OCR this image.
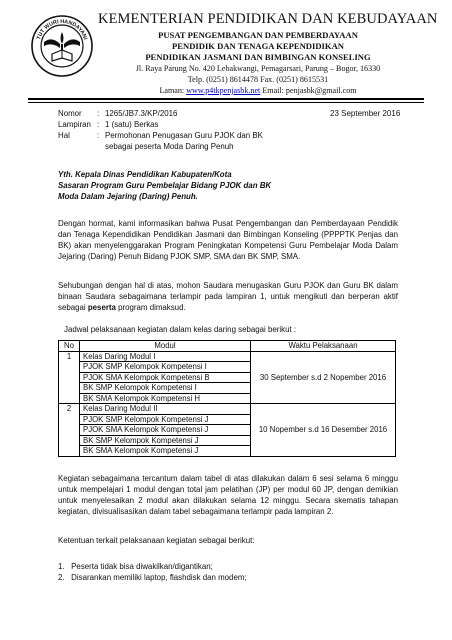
TUT WURI HANDAYANI
KEMENTERIAN PENDIDIKAN DAN KEBUDAYAAN
PUSAT PENGEMBANGAN DAN PEMBERDAYAAN
PENDIDIK DAN TENAGA KEPENDIDIKAN
PENDIDIKAN JASMANI DAN BIMBINGAN KONSELING
Jl. Raya Parung No. 420 Lebakwangi, Pemagarsari, Parung – Bogor, 16330
Telp. (0251) 8614478 Fax. (0251) 8615531
Laman: www.p4tkpenjasbk.net Email: penjasbk@gmail.com
Nomor : 1265/JB7.3/KP/2016	23 September 2016
Lampiran : 1 (satu) Berkas
Hal	: Permohonan Penugasan Guru PJOK dan BK
sebagai peserta Moda Daring Penuh
Yth. Kepala Dinas Pendidikan Kabupaten/Kota
Sasaran Program Guru Pembelajar Bidang PJOK dan BK
Moda Dalam Jejaring (Daring) Penuh.
Dengan hormat, kami informasikan bahwa Pusat Pengembangan dan Pemberdayaan Pendidik dan Tenaga Kependidikan Pendidikan Jasmani dan Bimbingan Konseling (PPPPTK Penjas dan BK) akan menyelenggarakan Program Peningkatan Kompetensi Guru Pembelajar Moda Dalam Jejaring (Daring) Penuh Bidang PJOK SMP, SMA dan BK SMP, SMA.
Sehubungan dengan hal di atas, mohon Saudara menugaskan Guru PJOK dan Guru BK dalam binaan Saudara sebagaimana terlampir pada lampiran 1, untuk mengikuti dan berperan aktif sebagai peserta program dimaksud.
Jadwal pelaksanaan kegiatan dalam kelas daring sebagai berikut :
No	Modul	Waktu Pelaksanaan
1	Kelas Daring Modul I	30 September s.d 2 Nopember 2016
	PJOK SMP Kelompok Kompetensi I	
	PJOK SMA Kelompok Kompetensi B	
	BK SMP Kelompok Kompetensi I	
	BK SMA Kelompok Kompetensi H	
2	Kelas Daring Modul II	10 Nopember s.d 16 Desember 2016
	PJOK SMP Kelompok Kompetensi J	
	PJOK SMA Kelompok Kompetensi J	
	BK SMP Kelompok Kompetensi J	
	BK SMA Kelompok Kompetensi J	
Kegiatan sebagaimana tercantum dalam tabel di atas dilakukan dalam 6 sesi selama 6 minggu untuk mempelajari 1 modul dengan total jam pelatihan (JP) per modul 60 JP, dengan demikian untuk menyelesaikan 2 modul akan dilakukan selama 12 minggu. Secara skematis tahapan kegiatan, divisualisasikan dalam tabel sebagaimana terlampir pada lampiran 2.
Ketentuan terkait pelaksanaan kegiatan sebagai berikut:
1. Peserta tidak bisa diwakilkan/digantikan;
2. Disarankan memiliki laptop, flashdisk dan modem;
